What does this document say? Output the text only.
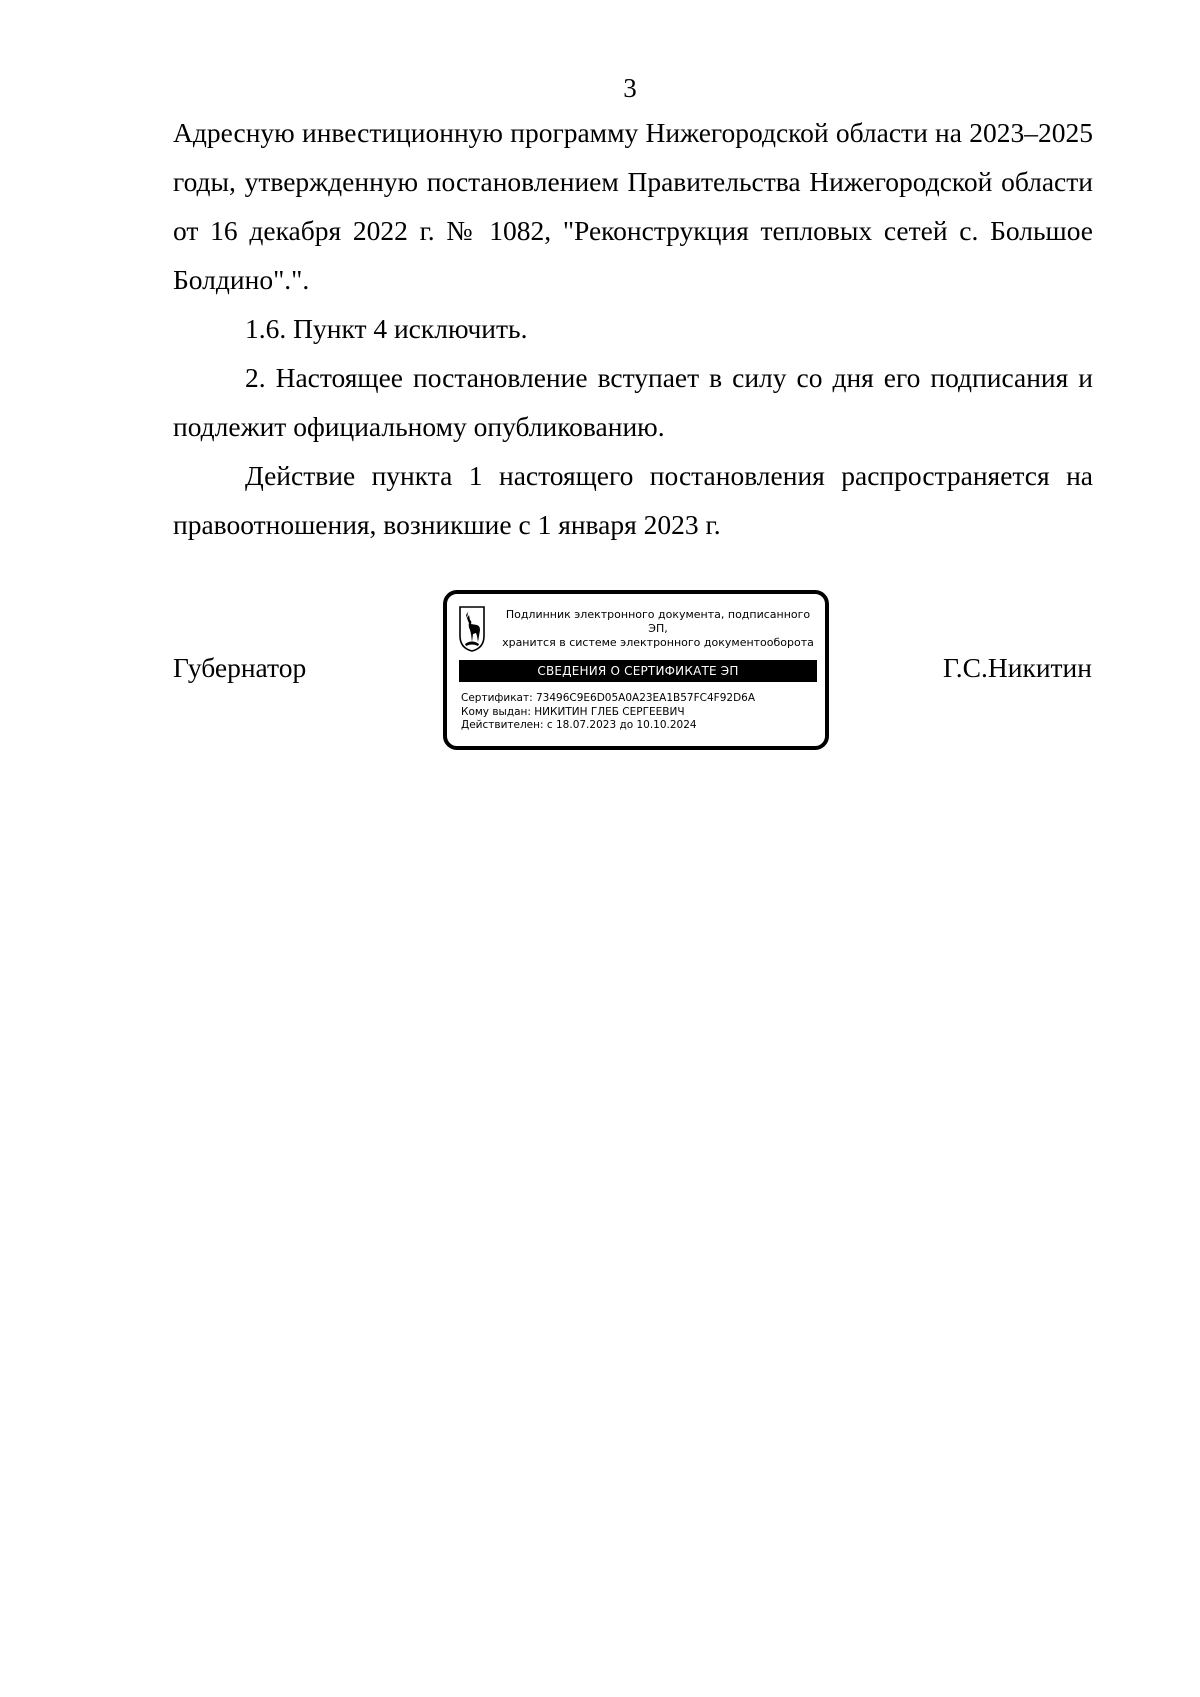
3

Адресную инвестиционную программу Нижегородской области на 2023–2025 годы, утвержденную постановлением Правительства Нижегородской области от 16 декабря 2022 г. № 1082, "Реконструкция тепловых сетей с. Большое Болдино".".

1.6. Пункт 4 исключить.

2. Настоящее постановление вступает в силу со дня его подписания и подлежит официальному опубликованию.

Действие пункта 1 настоящего постановления распространяется на правоотношения, возникшие с 1 января 2023 г.

Губернатор
Подлинник электронного документа, подписанного ЭП,
хранится в системе электронного документооборота
СВЕДЕНИЯ О СЕРТИФИКАТЕ ЭП
Сертификат: 73496C9E6D05A0A23EA1B57FC4F92D6A
Кому выдан: НИКИТИН ГЛЕБ СЕРГЕЕВИЧ
Действителен: с 18.07.2023 до 10.10.2024
Г.С.Никитин
